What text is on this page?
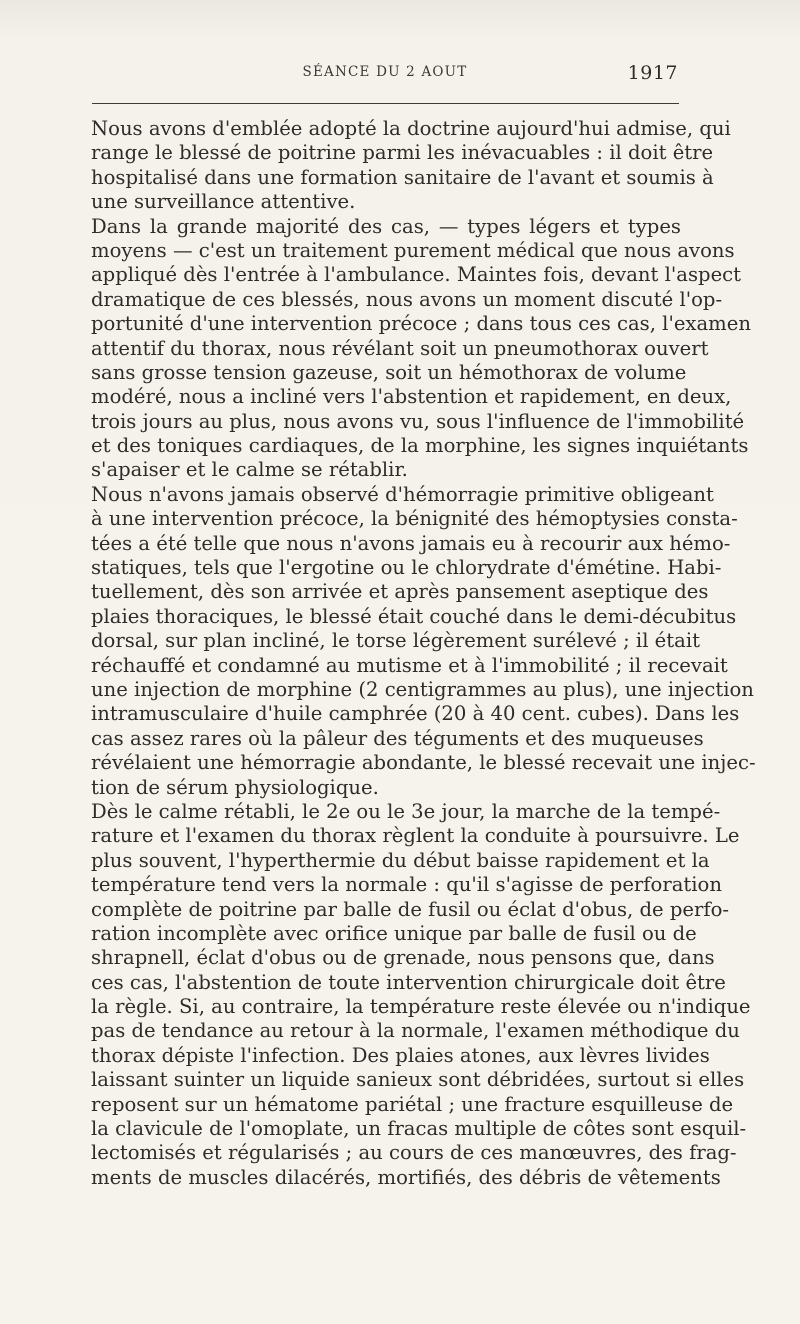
SÉANCE DU 2 AOUT	1917
Nous avons d'emblée adopté la doctrine aujourd'hui admise, qui
range le blessé de poitrine parmi les inévacuables : il doit être
hospitalisé dans une formation sanitaire de l'avant et soumis à
une surveillance attentive.
Dans la grande majorité des cas, — types légers et types
moyens — c'est un traitement purement médical que nous avons
appliqué dès l'entrée à l'ambulance. Maintes fois, devant l'aspect
dramatique de ces blessés, nous avons un moment discuté l'op-
portunité d'une intervention précoce ; dans tous ces cas, l'examen
attentif du thorax, nous révélant soit un pneumothorax ouvert
sans grosse tension gazeuse, soit un hémothorax de volume
modéré, nous a incliné vers l'abstention et rapidement, en deux,
trois jours au plus, nous avons vu, sous l'influence de l'immobilité
et des toniques cardiaques, de la morphine, les signes inquiétants
s'apaiser et le calme se rétablir.
Nous n'avons jamais observé d'hémorragie primitive obligeant
à une intervention précoce, la bénignité des hémoptysies consta-
tées a été telle que nous n'avons jamais eu à recourir aux hémo-
statiques, tels que l'ergotine ou le chlorydrate d'émétine. Habi-
tuellement, dès son arrivée et après pansement aseptique des
plaies thoraciques, le blessé était couché dans le demi-décubitus
dorsal, sur plan incliné, le torse légèrement surélevé ; il était
réchauffé et condamné au mutisme et à l'immobilité ; il recevait
une injection de morphine (2 centigrammes au plus), une injection
intramusculaire d'huile camphrée (20 à 40 cent. cubes). Dans les
cas assez rares où la pâleur des téguments et des muqueuses
révélaient une hémorragie abondante, le blessé recevait une injec-
tion de sérum physiologique.
Dès le calme rétabli, le 2e ou le 3e jour, la marche de la tempé-
rature et l'examen du thorax règlent la conduite à poursuivre. Le
plus souvent, l'hyperthermie du début baisse rapidement et la
température tend vers la normale : qu'il s'agisse de perforation
complète de poitrine par balle de fusil ou éclat d'obus, de perfo-
ration incomplète avec orifice unique par balle de fusil ou de
shrapnell, éclat d'obus ou de grenade, nous pensons que, dans
ces cas, l'abstention de toute intervention chirurgicale doit être
la règle. Si, au contraire, la température reste élevée ou n'indique
pas de tendance au retour à la normale, l'examen méthodique du
thorax dépiste l'infection. Des plaies atones, aux lèvres livides
laissant suinter un liquide sanieux sont débridées, surtout si elles
reposent sur un hématome pariétal ; une fracture esquilleuse de
la clavicule de l'omoplate, un fracas multiple de côtes sont esquil-
lectomisés et régularisés ; au cours de ces manœuvres, des frag-
ments de muscles dilacérés, mortifiés, des débris de vêtements
